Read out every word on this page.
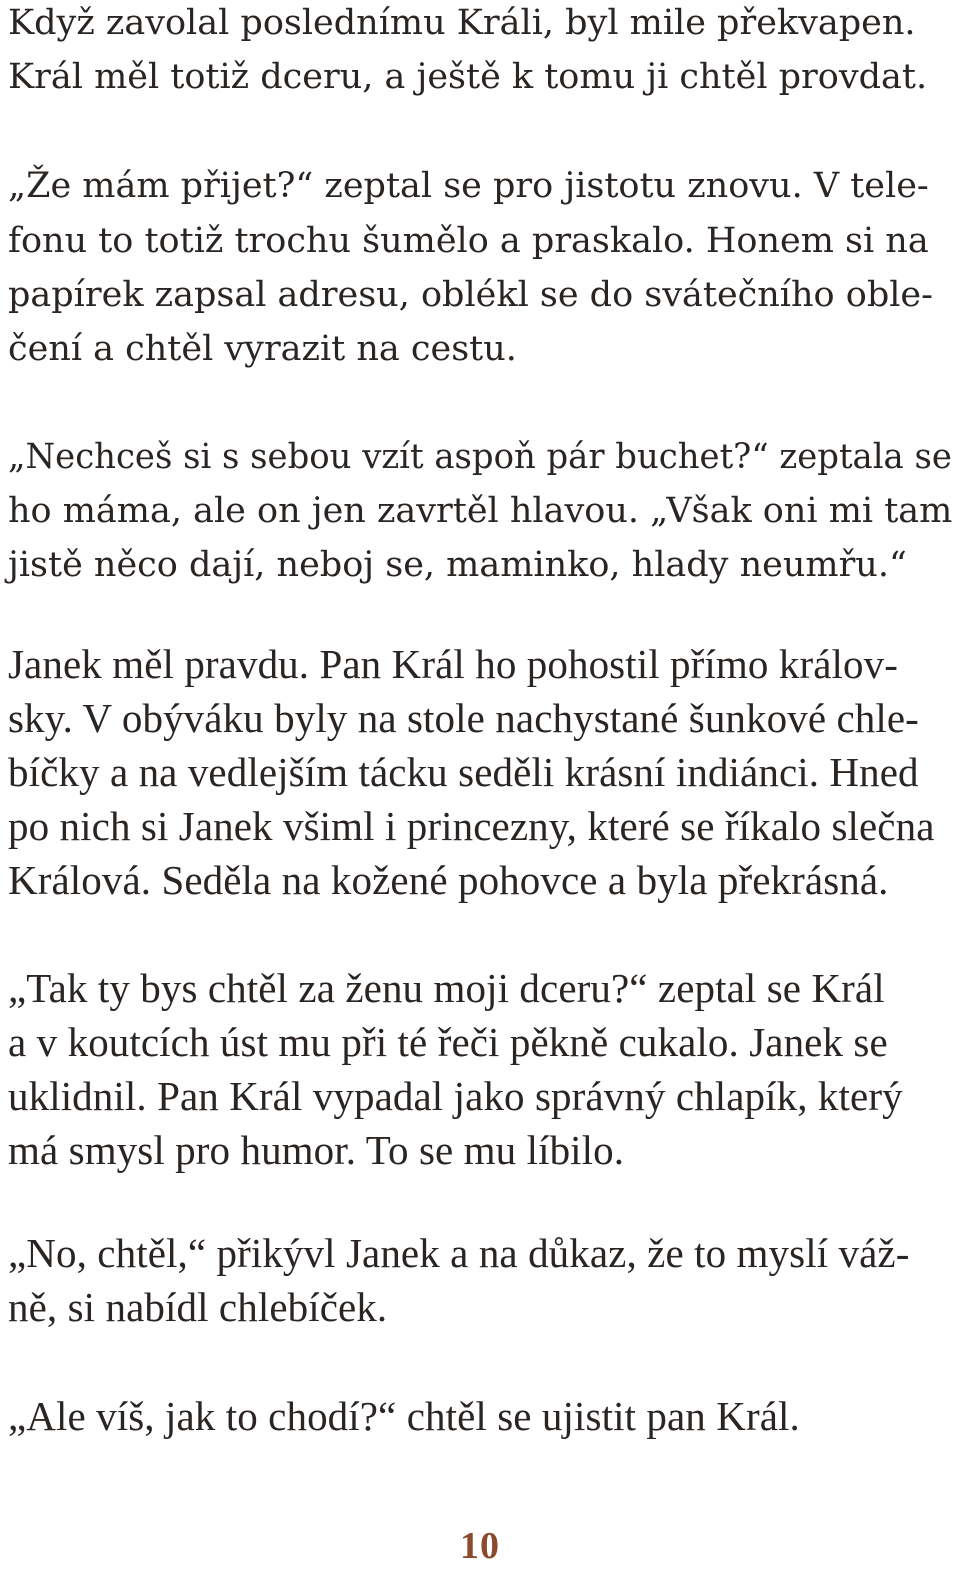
Když zavolal poslednímu Králi, byl mile překvapen.

Král měl totiž dceru, a ještě k tomu ji chtěl provdat.

„Že mám přijet?“ zeptal se pro jistotu znovu. V tele-

fonu to totiž trochu šumělo a praskalo. Honem si na

papírek zapsal adresu, oblékl se do svátečního oble-

čení a chtěl vyrazit na cestu.

„Nechceš si s sebou vzít aspoň pár buchet?“ zeptala se

ho máma, ale on jen zavrtěl hlavou. „Však oni mi tam

jistě něco dají, neboj se, maminko, hlady neumřu.“

Janek měl pravdu. Pan Král ho pohostil přímo králov-

sky. V obýváku byly na stole nachystané šunkové chle-

bíčky a na vedlejším tácku seděli krásní indiánci. Hned

po nich si Janek všiml i princezny, které se říkalo slečna

Králová. Seděla na kožené pohovce a byla překrásná.

„Tak ty bys chtěl za ženu moji dceru?“ zeptal se Král

a v koutcích úst mu při té řeči pěkně cukalo. Janek se

uklidnil. Pan Král vypadal jako správný chlapík, který

má smysl pro humor. To se mu líbilo.

„No, chtěl,“ přikývl Janek a na důkaz, že to myslí váž-

ně, si nabídl chlebíček.

„Ale víš, jak to chodí?“ chtěl se ujistit pan Král.

10
